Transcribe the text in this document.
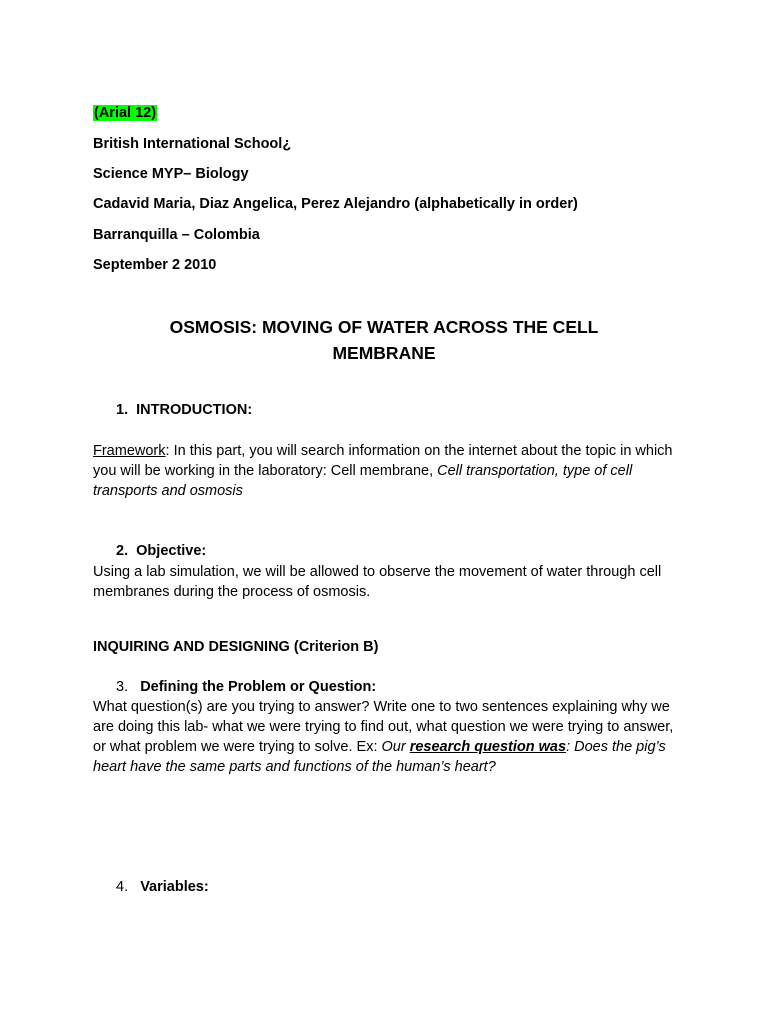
(Arial 12)
British International School¿
Science MYP– Biology
Cadavid Maria, Diaz Angelica, Perez Alejandro (alphabetically in order)
Barranquilla – Colombia
September 2 2010
OSMOSIS: MOVING OF WATER ACROSS THE CELL
MEMBRANE
1. INTRODUCTION:
Framework: In this part, you will search information on the internet about the topic in which you will be working in the laboratory: Cell membrane, Cell transportation, type of cell transports and osmosis
2. Objective:
Using a lab simulation, we will be allowed to observe the movement of water through cell membranes during the process of osmosis.
INQUIRING AND DESIGNING (Criterion B)
3. Defining the Problem or Question:
What question(s) are you trying to answer? Write one to two sentences explaining why we are doing this lab- what we were trying to find out, what question we were trying to answer, or what problem we were trying to solve. Ex: Our research question was: Does the pig’s heart have the same parts and functions of the human’s heart?
4. Variables:
